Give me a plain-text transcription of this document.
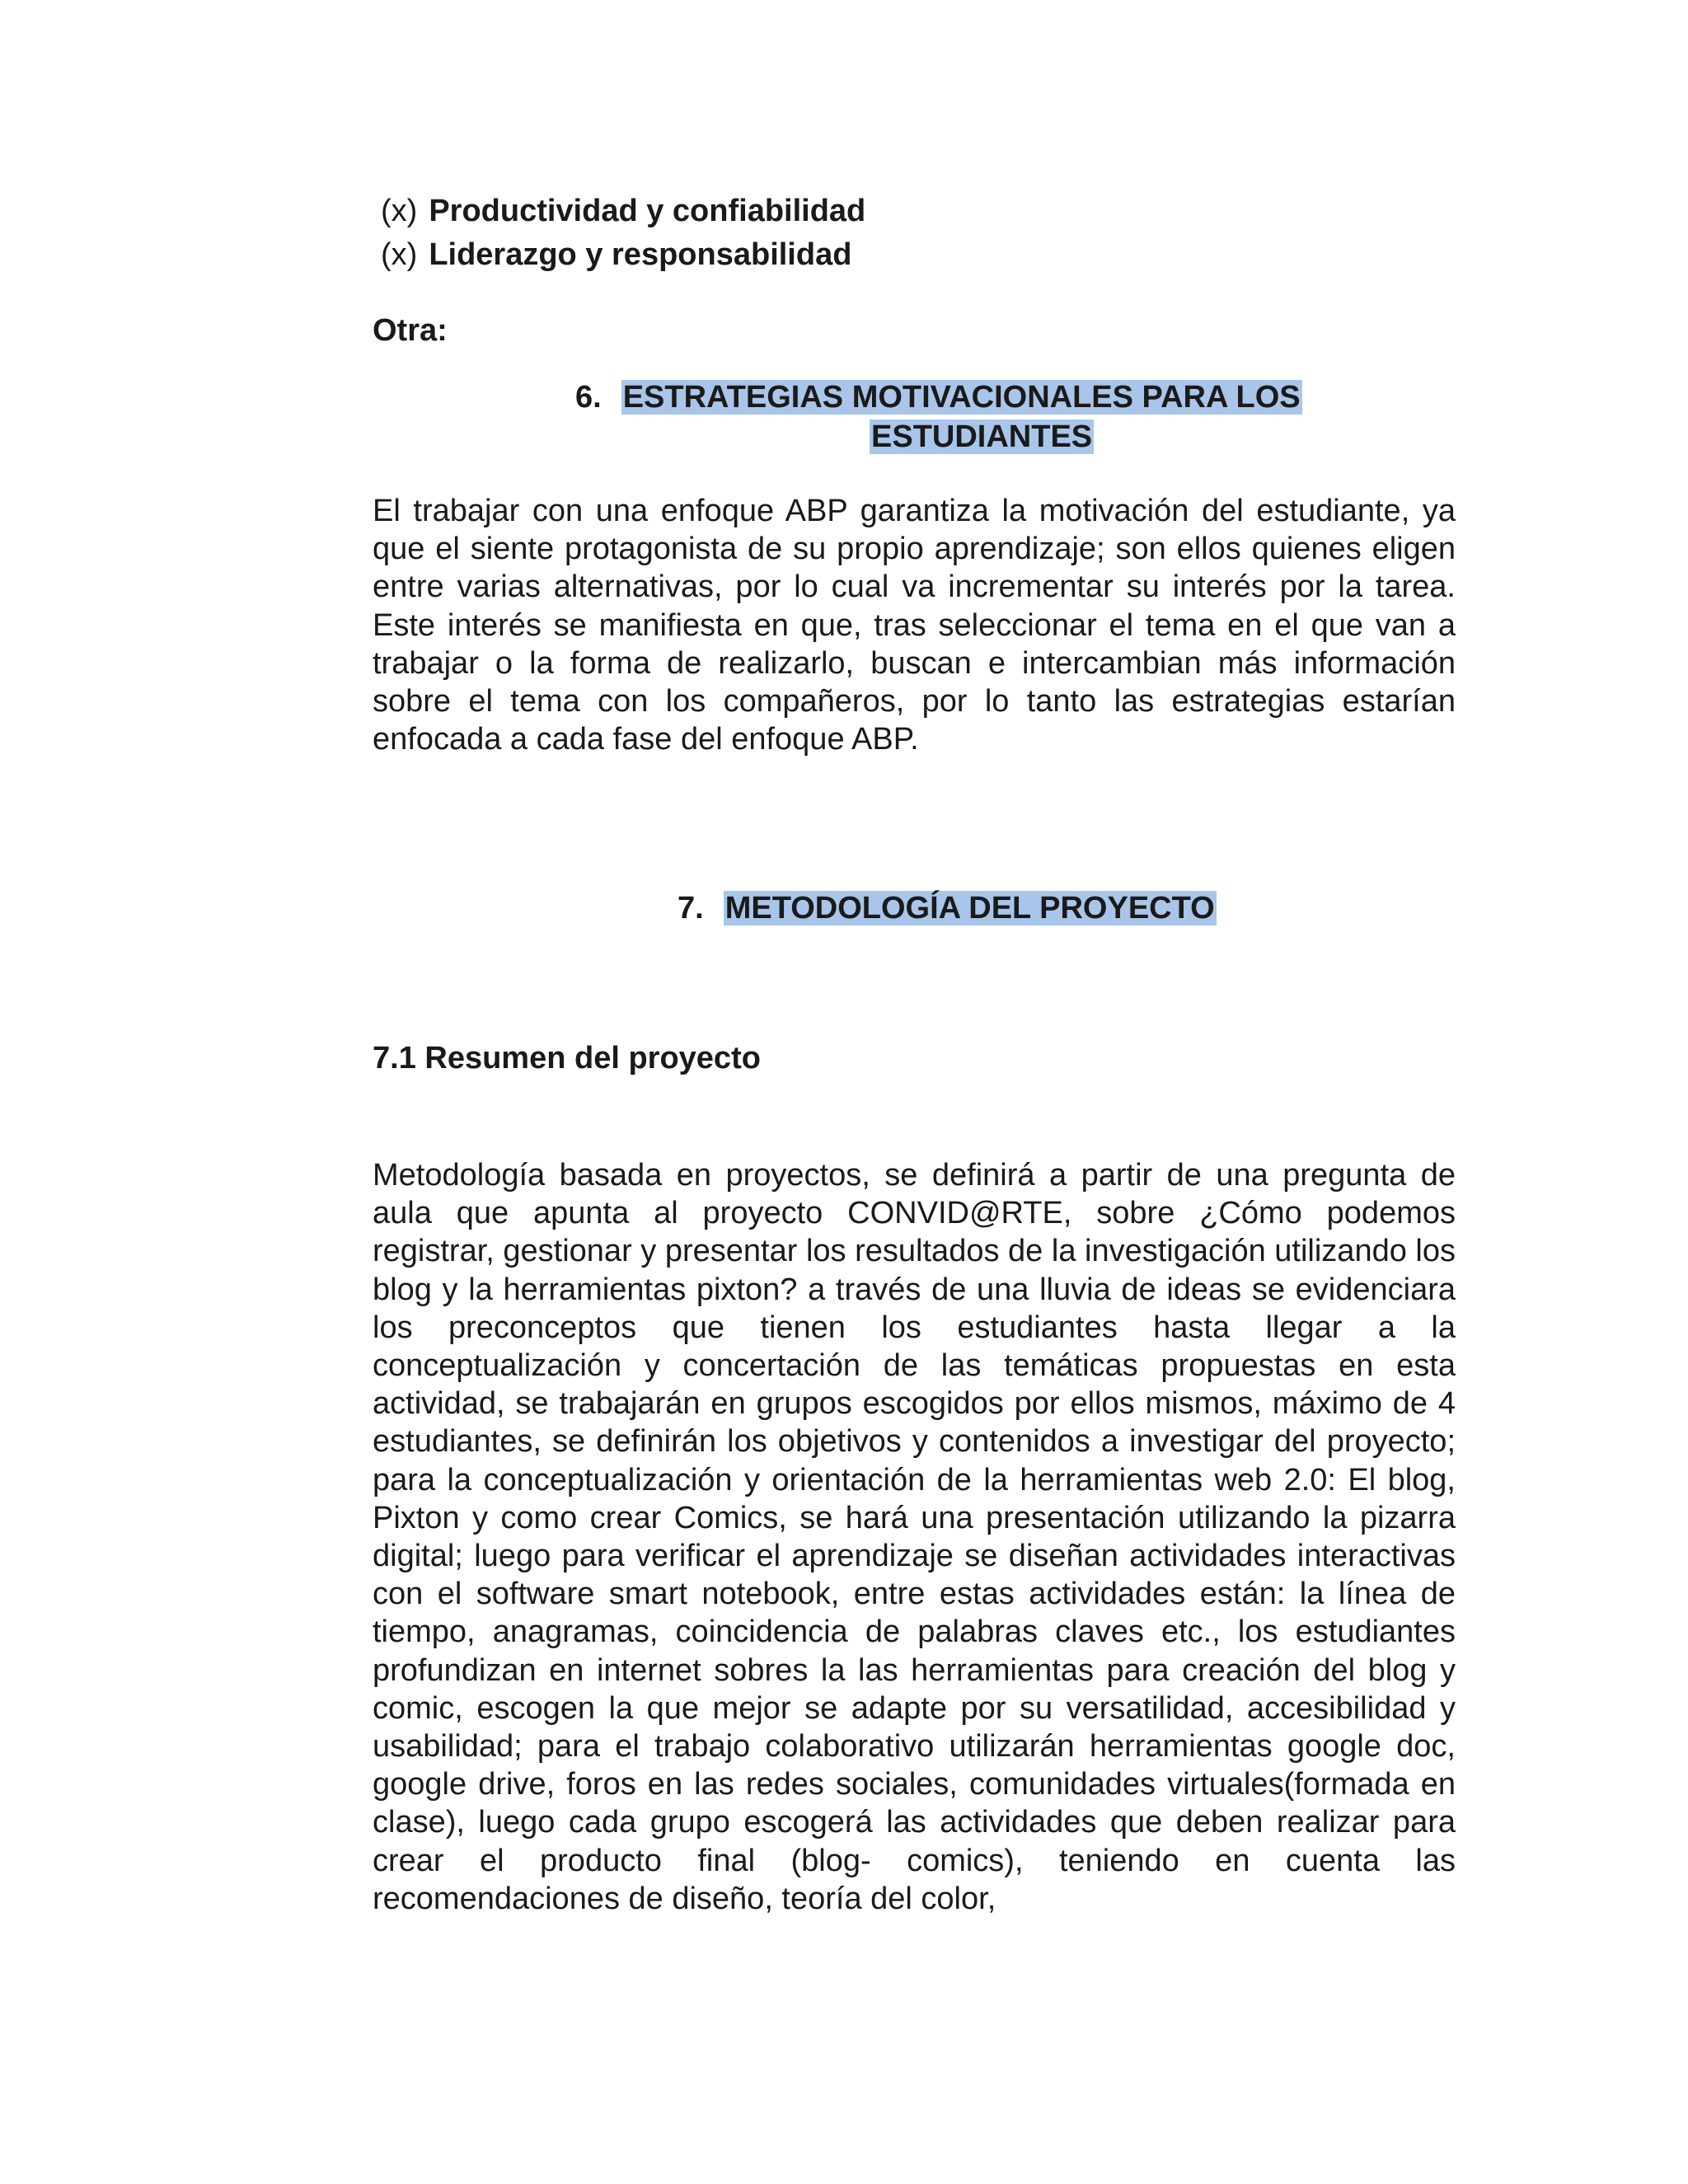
(x) Productividad y confiabilidad
(x) Liderazgo y responsabilidad
Otra:
6. ESTRATEGIAS MOTIVACIONALES PARA LOS
ESTUDIANTES

El trabajar con una enfoque ABP garantiza la motivación del estudiante, ya que el siente protagonista de su propio aprendizaje; son ellos quienes eligen entre varias alternativas, por lo cual va incrementar su interés por la tarea. Este interés se manifiesta en que, tras seleccionar el tema en el que van a trabajar o la forma de realizarlo, buscan e intercambian más información sobre el tema con los compañeros, por lo tanto las estrategias estarían enfocada a cada fase del enfoque ABP.

7. METODOLOGÍA DEL PROYECTO
7.1 Resumen del proyecto

Metodología basada en proyectos, se definirá a partir de una pregunta de aula que apunta al proyecto CONVID@RTE, sobre ¿Cómo podemos registrar, gestionar y presentar los resultados de la investigación utilizando los blog y la herramientas pixton? a través de una lluvia de ideas se evidenciara los preconceptos que tienen los estudiantes hasta llegar a la conceptualización y concertación de las temáticas propuestas en esta actividad, se trabajarán en grupos escogidos por ellos mismos, máximo de 4 estudiantes, se definirán los objetivos y contenidos a investigar del proyecto; para la conceptualización y orientación de la herramientas web 2.0: El blog, Pixton y como crear Comics, se hará una presentación utilizando la pizarra digital; luego para verificar el aprendizaje se diseñan actividades interactivas con el software smart notebook, entre estas actividades están: la línea de tiempo, anagramas, coincidencia de palabras claves etc., los estudiantes profundizan en internet sobres la las herramientas para creación del blog y comic, escogen la que mejor se adapte por su versatilidad, accesibilidad y usabilidad; para el trabajo colaborativo utilizarán herramientas google doc, google drive, foros en las redes sociales, comunidades virtuales(formada en clase), luego cada grupo escogerá las actividades que deben realizar para crear el producto final (blog- comics), teniendo en cuenta las recomendaciones de diseño, teoría del color,
